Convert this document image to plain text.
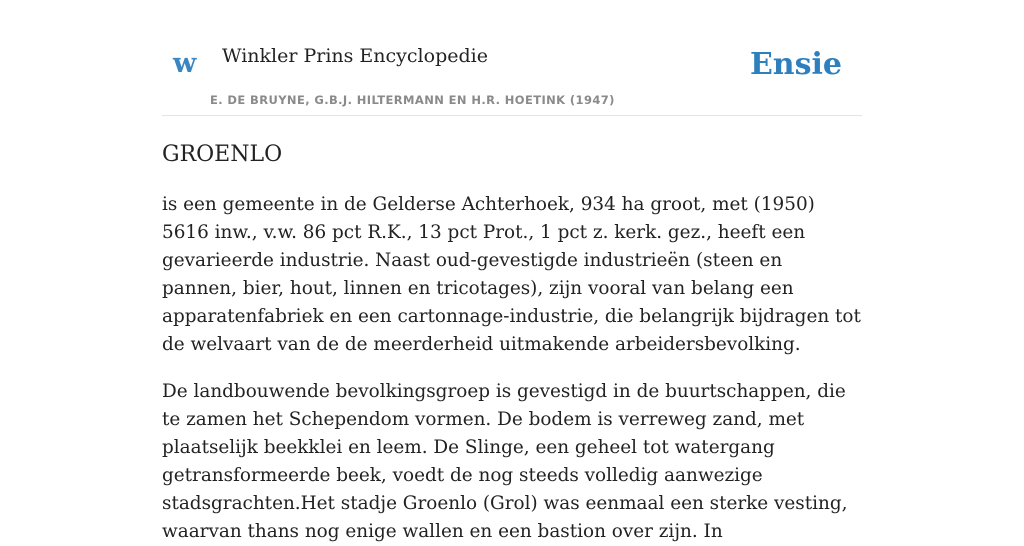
w Winkler Prins Encyclopedie
E. DE BRUYNE, G.B.J. HILTERMANN EN H.R. HOETINK (1947)
Ensie
GROENLO

is een gemeente in de Gelderse Achterhoek, 934 ha groot, met (1950) 5616 inw., v.w. 86 pct R.K., 13 pct Prot., 1 pct z. kerk. gez., heeft een gevarieerde industrie. Naast oud-gevestigde industrieën (steen en pannen, bier, hout, linnen en tricotages), zijn vooral van belang een apparatenfabriek en een cartonnage-industrie, die belangrijk bijdragen tot de welvaart van de de meerderheid uitmakende arbeidersbevolking.

De landbouwende bevolkingsgroep is gevestigd in de buurtschappen, die te zamen het Schependom vormen. De bodem is verreweg zand, met plaatselijk beekklei en leem. De Slinge, een geheel tot watergang getransformeerde beek, voedt de nog steeds volledig aanwezige stadsgrachten.Het stadje Groenlo (Grol) was eenmaal een sterke vesting, waarvan thans nog enige wallen en een bastion over zijn. In
